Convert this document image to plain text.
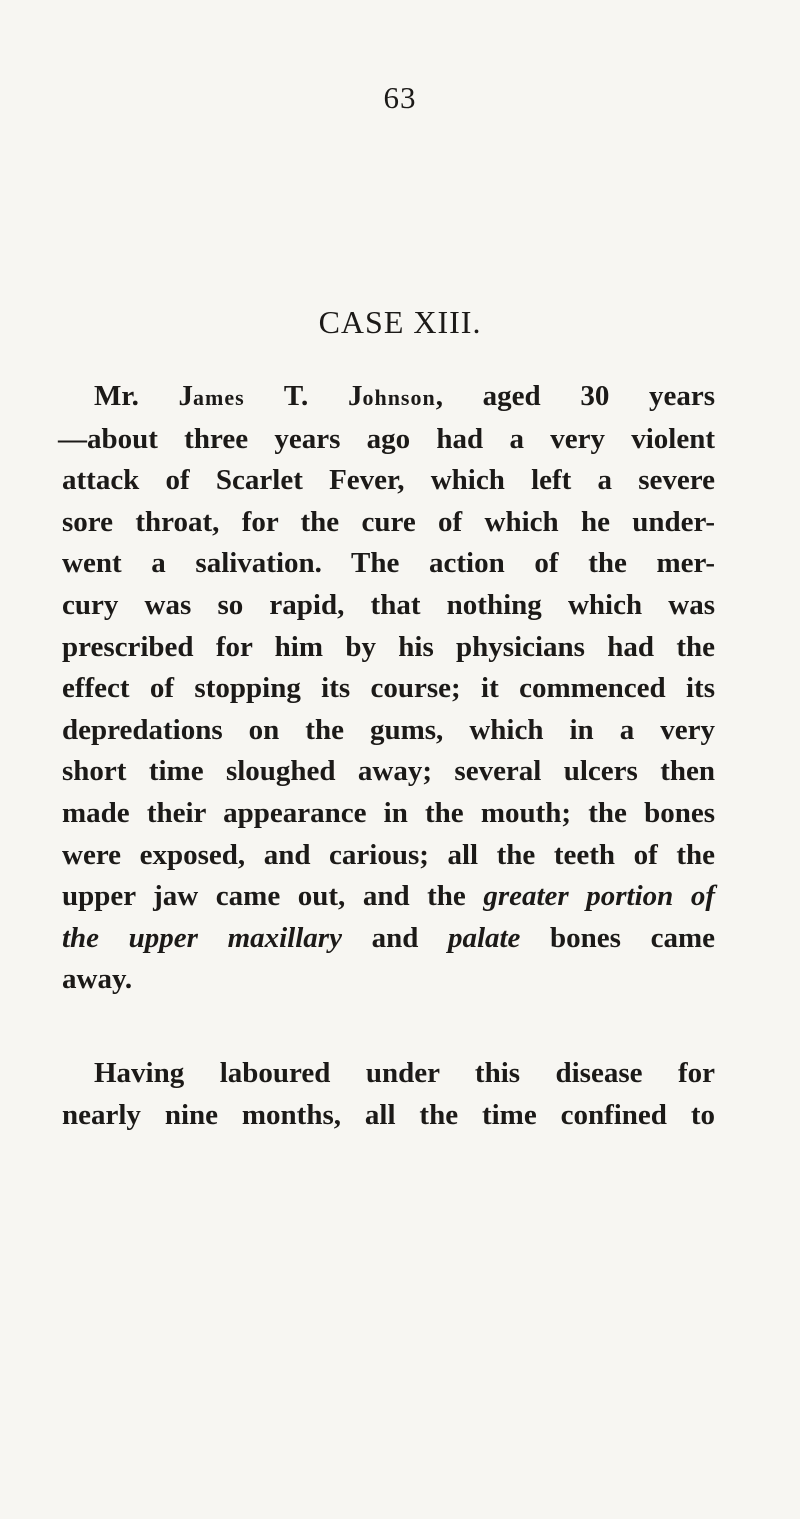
63
CASE XIII.
Mr. James T. Johnson, aged 30 years
—about three years ago had a very violent
attack of Scarlet Fever, which left a severe
sore throat, for the cure of which he under-
went a salivation. The action of the mer-
cury was so rapid, that nothing which was
prescribed for him by his physicians had the
effect of stopping its course; it commenced its
depredations on the gums, which in a very
short time sloughed away; several ulcers then
made their appearance in the mouth; the bones
were exposed, and carious; all the teeth of the
upper jaw came out, and the greater portion of
the upper maxillary and palate bones came
away.
Having laboured under this disease for
nearly nine months, all the time confined to
